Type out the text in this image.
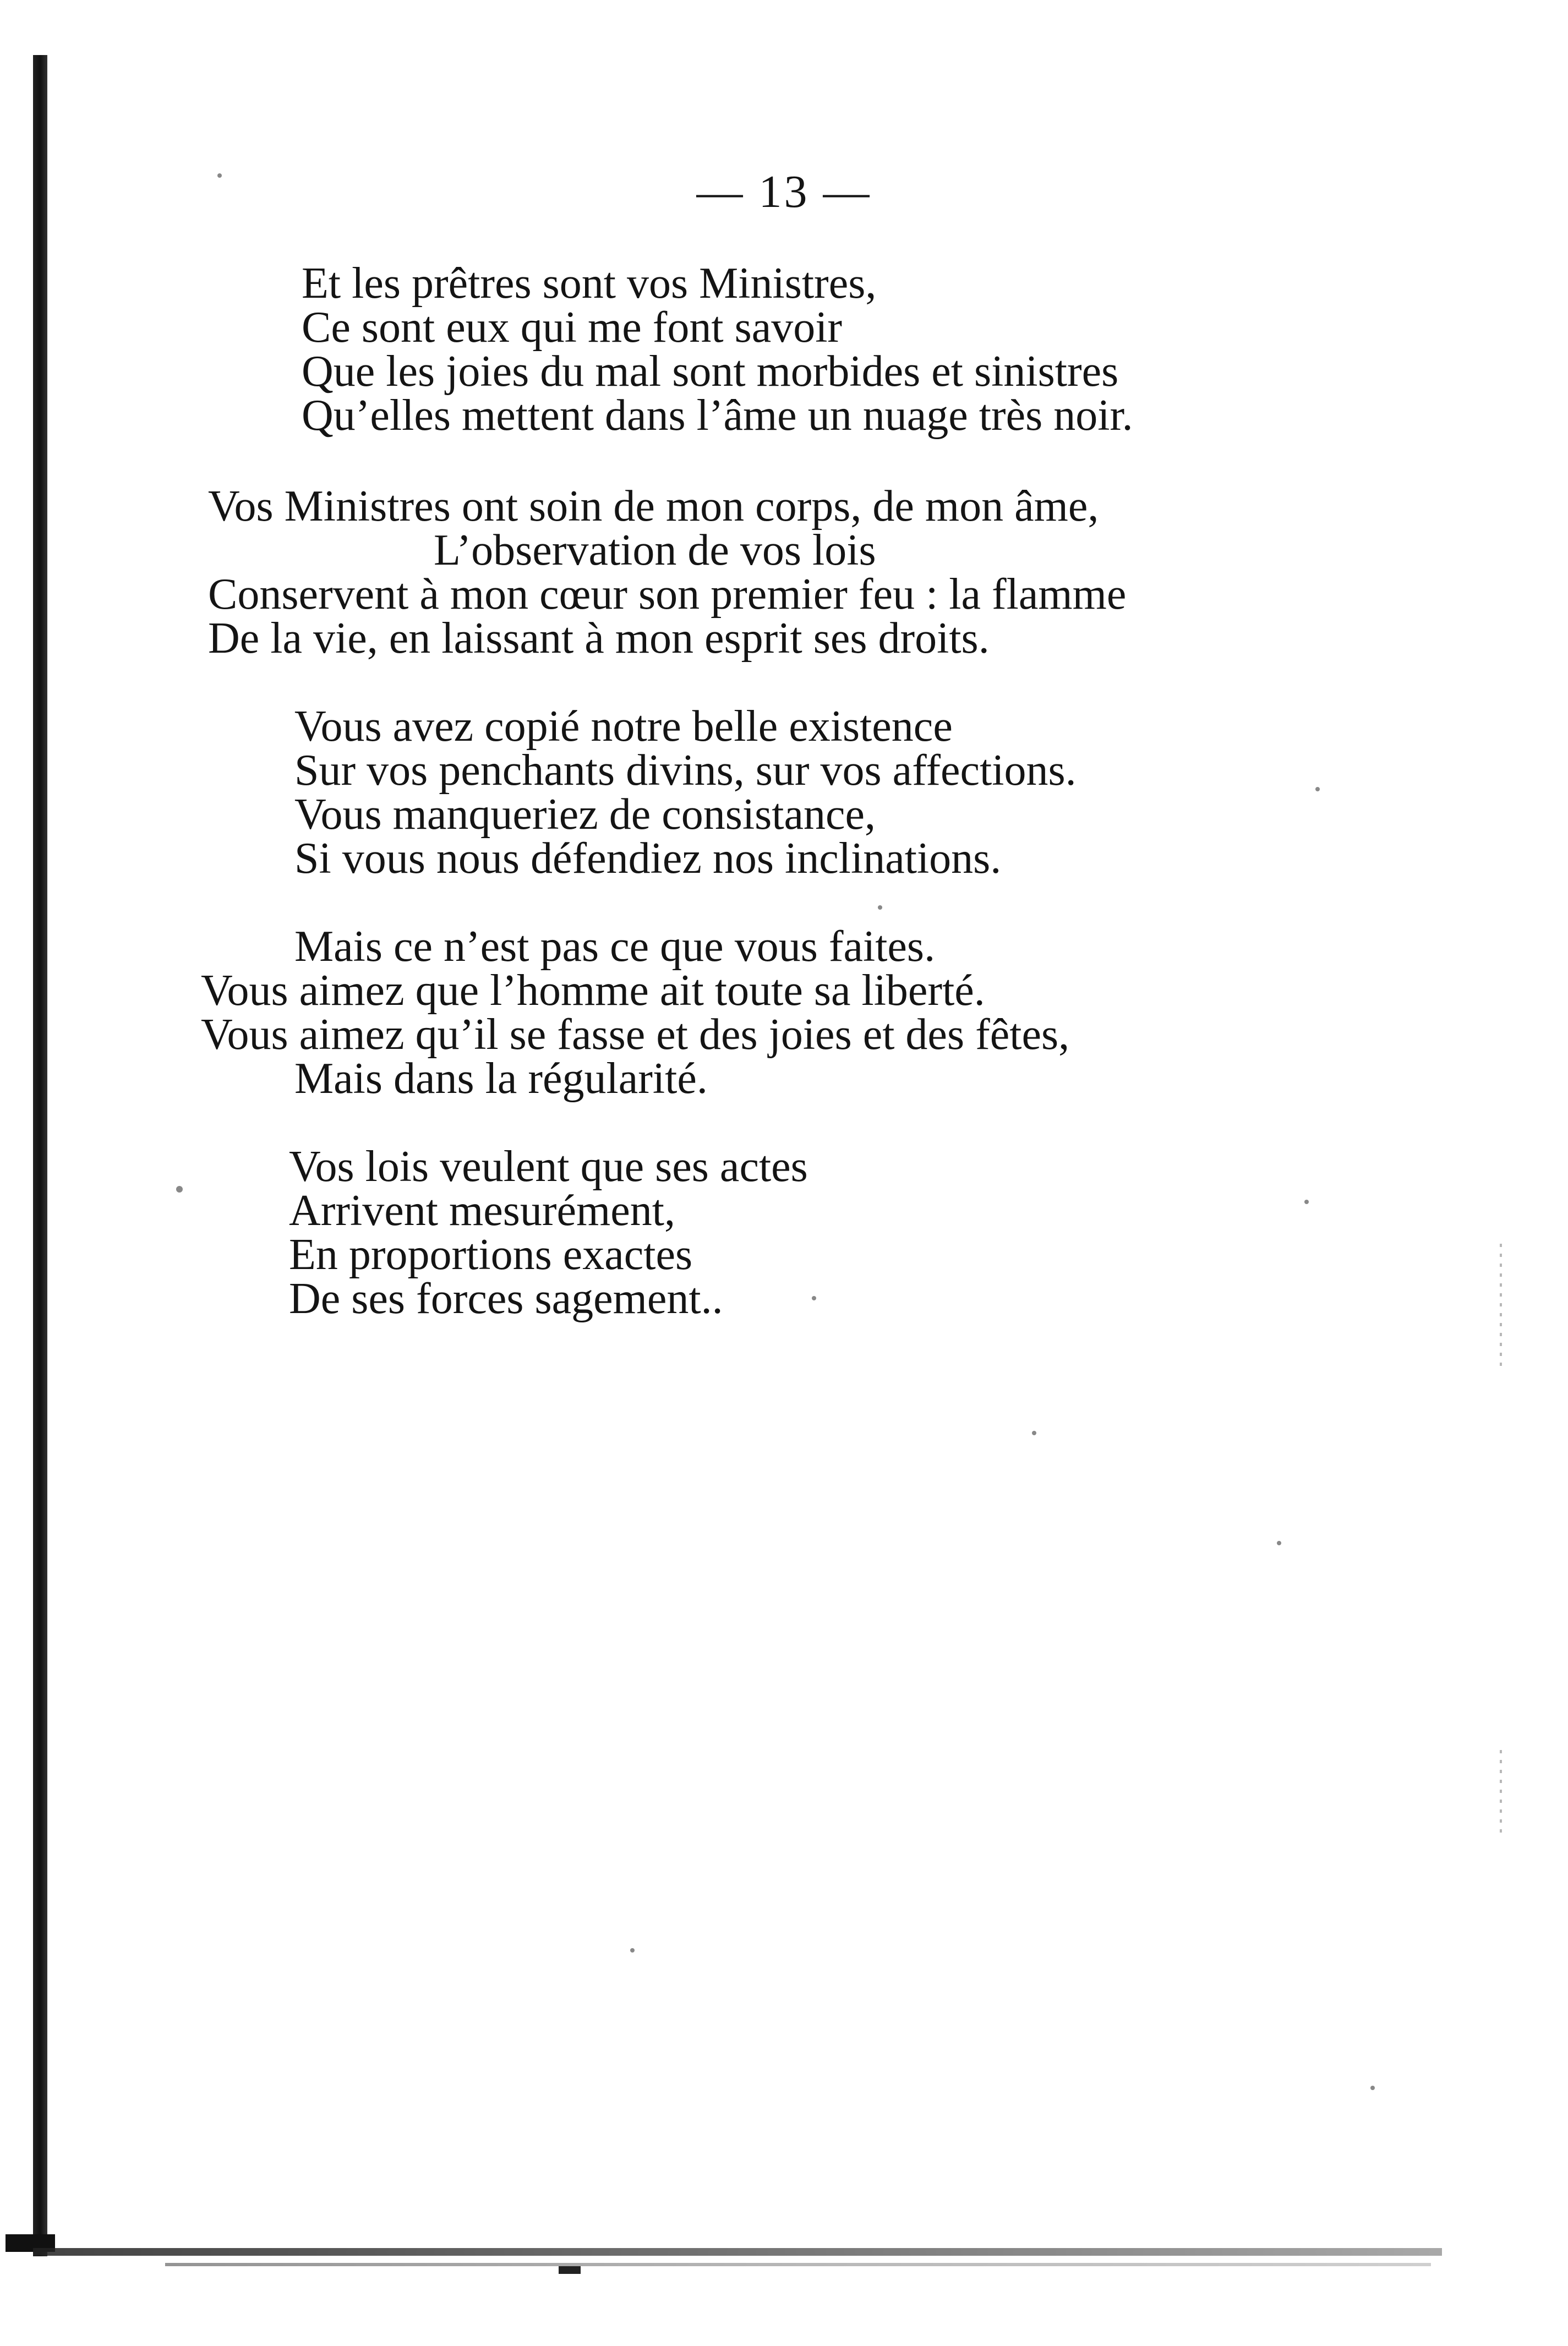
— 13 —
Et les prêtres sont vos Ministres,
Ce sont eux qui me font savoir
Que les joies du mal sont morbides et sinistres
Qu’elles mettent dans l’âme un nuage très noir.
Vos Ministres ont soin de mon corps, de mon âme,
L’observation de vos lois
Conservent à mon cœur son premier feu : la flamme
De la vie, en laissant à mon esprit ses droits.
Vous avez copié notre belle existence
Sur vos penchants divins, sur vos affections.
Vous manqueriez de consistance,
Si vous nous défendiez nos inclinations.
Mais ce n’est pas ce que vous faites.
Vous aimez que l’homme ait toute sa liberté.
Vous aimez qu’il se fasse et des joies et des fêtes,
Mais dans la régularité.
Vos lois veulent que ses actes
Arrivent mesurément,
En proportions exactes
De ses forces sagement..
